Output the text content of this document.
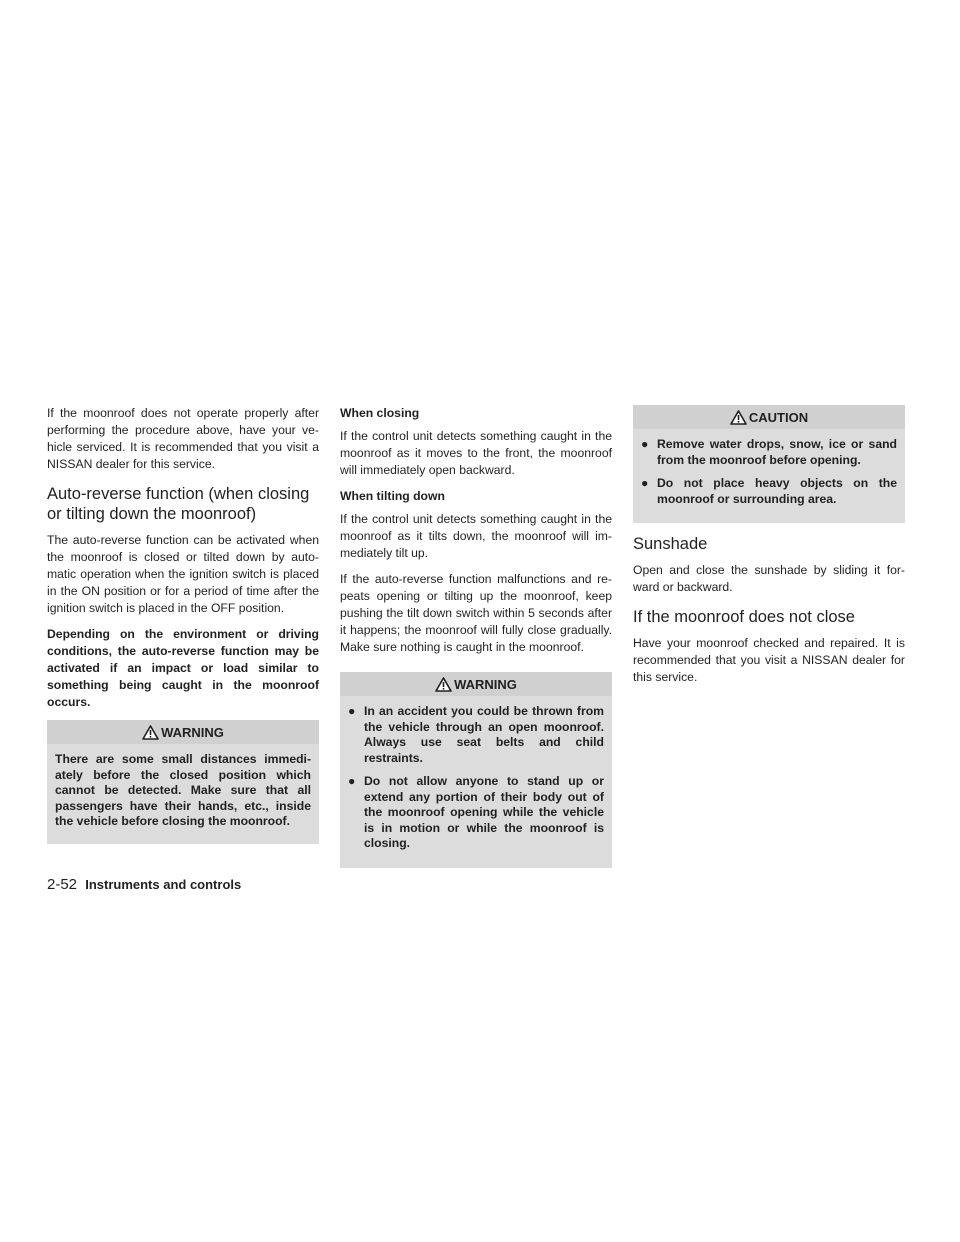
If the moonroof does not operate properly after performing the procedure above, have your ve-hicle serviced. It is recommended that you visit a NISSAN dealer for this service.

Auto-reverse function (when closing or tilting down the moonroof)

The auto-reverse function can be activated when the moonroof is closed or tilted down by auto-matic operation when the ignition switch is placed in the ON position or for a period of time after the ignition switch is placed in the OFF position.

Depending on the environment or driving conditions, the auto-reverse function may be activated if an impact or load similar to something being caught in the moonroof occurs.

WARNING

There are some small distances immedi-ately before the closed position which cannot be detected. Make sure that all passengers have their hands, etc., inside the vehicle before closing the moonroof.

When closing

If the control unit detects something caught in the moonroof as it moves to the front, the moonroof will immediately open backward.

When tilting down

If the control unit detects something caught in the moonroof as it tilts down, the moonroof will im-mediately tilt up.

If the auto-reverse function malfunctions and re-peats opening or tilting up the moonroof, keep pushing the tilt down switch within 5 seconds after it happens; the moonroof will fully close gradually. Make sure nothing is caught in the moonroof.

WARNING
● In an accident you could be thrown from the vehicle through an open moonroof. Always use seat belts and child restraints.
● Do not allow anyone to stand up or extend any portion of their body out of the moonroof opening while the vehicle is in motion or while the moonroof is closing.
CAUTION
● Remove water drops, snow, ice or sand from the moonroof before opening.
● Do not place heavy objects on the moonroof or surrounding area.
Sunshade

Open and close the sunshade by sliding it for-ward or backward.

If the moonroof does not close

Have your moonroof checked and repaired. It is recommended that you visit a NISSAN dealer for this service.

2-52 Instruments and controls
